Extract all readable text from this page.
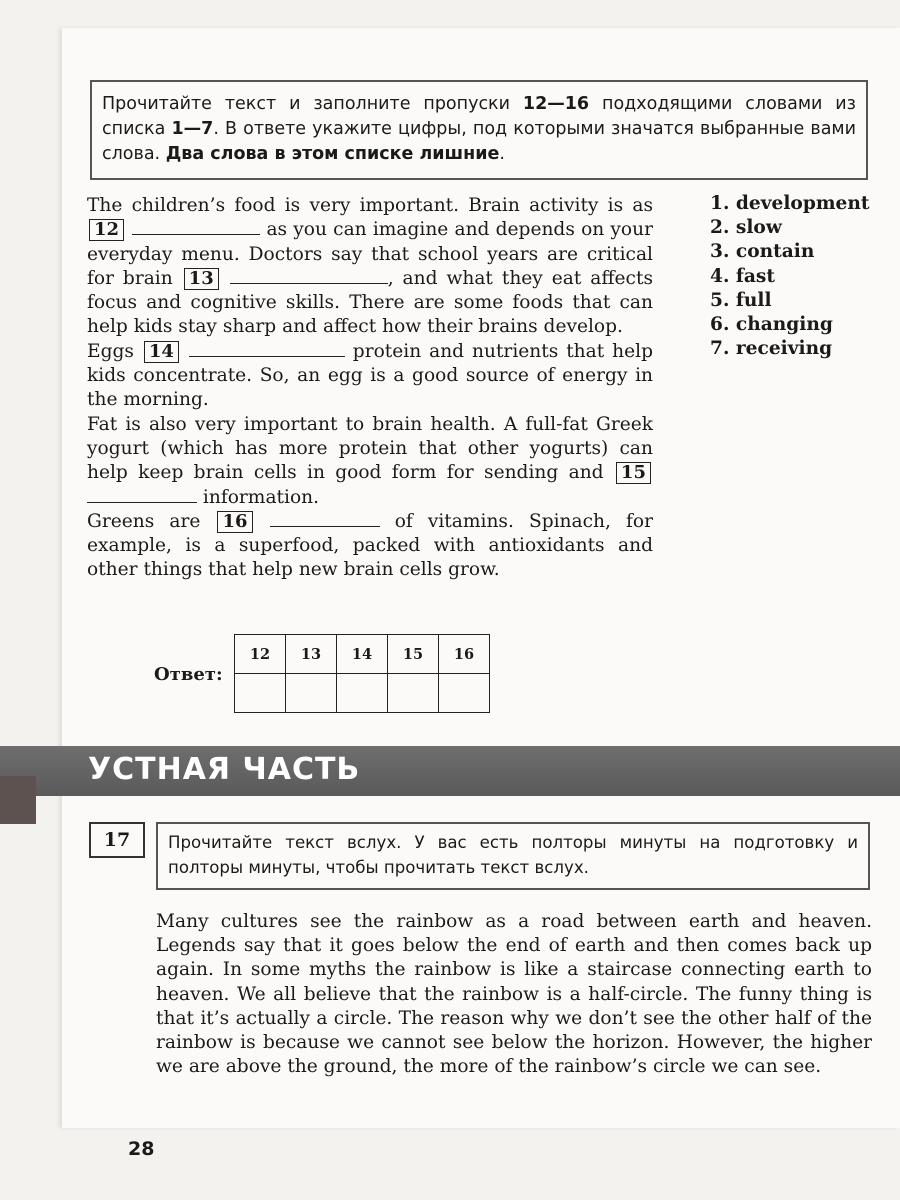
Прочитайте текст и заполните пропуски 12—16 подходящими словами из списка 1—7. В ответе укажите цифры, под которыми значатся выбранные вами слова. Два слова в этом списке лишние.

The children’s food is very important. Brain activity is as 12	as you can imagine and depends on your everyday menu. Doctors say that school years are critical for brain 13	, and what they eat affects focus and cognitive skills. There are some foods that can help kids stay sharp and affect how their brains develop.

Eggs 14	protein and nutrients that help kids concentrate. So, an egg is a good source of energy in the morning.

Fat is also very important to brain health. A full-fat Greek yogurt (which has more protein that other yogurts) can help keep brain cells in good form for sending and 15  information.

Greens are 16	of vitamins. Spinach, for example, is a superfood, packed with antioxidants and other things that help new brain cells grow.

1. development
2. slow
3. contain
4. fast
5. full
6. changing
7. receiving
Ответ:
12	13	14	15	16

УСТНАЯ ЧАСТЬ
17	Прочитайте текст вслух. У вас есть полторы минуты на подготовку и полторы минуты, чтобы прочитать текст вслух.

Many cultures see the rainbow as a road between earth and heaven. Legends say that it goes below the end of earth and then comes back up again. In some myths the rainbow is like a staircase connecting earth to heaven. We all believe that the rainbow is a half-circle. The funny thing is that it’s actually a circle. The reason why we don’t see the other half of the rainbow is because we cannot see below the horizon. However, the higher we are above the ground, the more of the rainbow’s circle we can see.

28
